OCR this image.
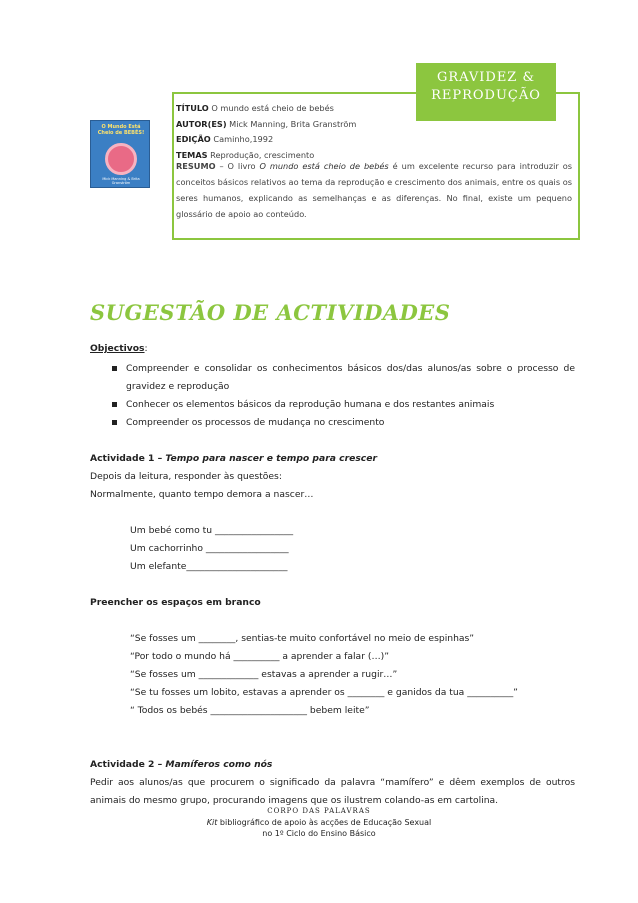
GRAVIDEZ &
REPRODUÇÃO
O Mundo Está Cheio de BEBÉS!
Mick Manning & Brita Granström
TÍTULO O mundo está cheio de bebés
AUTOR(ES) Mick Manning, Brita Granström
EDIÇÃO Caminho,1992
TEMAS Reprodução, crescimento
RESUMO – O livro O mundo está cheio de bebés é um excelente recurso para introduzir os conceitos básicos relativos ao tema da reprodução e crescimento dos animais, entre os quais os seres humanos, explicando as semelhanças e as diferenças. No final, existe um pequeno glossário de apoio ao conteúdo.
SUGESTÃO DE ACTIVIDADES
Objectivos:
Compreender e consolidar os conhecimentos básicos dos/das alunos/as sobre o processo de gravidez e reprodução
Conhecer os elementos básicos da reprodução humana e dos restantes animais
Compreender os processos de mudança no crescimento
Actividade 1 – Tempo para nascer e tempo para crescer
Depois da leitura, responder às questões:
Normalmente, quanto tempo demora a nascer…
Um bebé como tu _________________
Um cachorrinho __________________
Um elefante______________________
Preencher os espaços em branco
“Se fosses um ________, sentias-te muito confortável no meio de espinhas”
“Por todo o mundo há __________ a aprender a falar (…)”
“Se fosses um _____________ estavas a aprender a rugir…”
“Se tu fosses um lobito, estavas a aprender os ________ e ganidos da tua __________”
“ Todos os bebés _____________________ bebem leite”
Actividade 2 – Mamíferos como nós
Pedir aos alunos/as que procurem o significado da palavra “mamífero” e dêem exemplos de outros animais do mesmo grupo, procurando imagens que os ilustrem colando-as em cartolina.
CORPO DAS PALAVRAS
Kit bibliográfico de apoio às acções de Educação Sexual
no 1º Ciclo do Ensino Básico
